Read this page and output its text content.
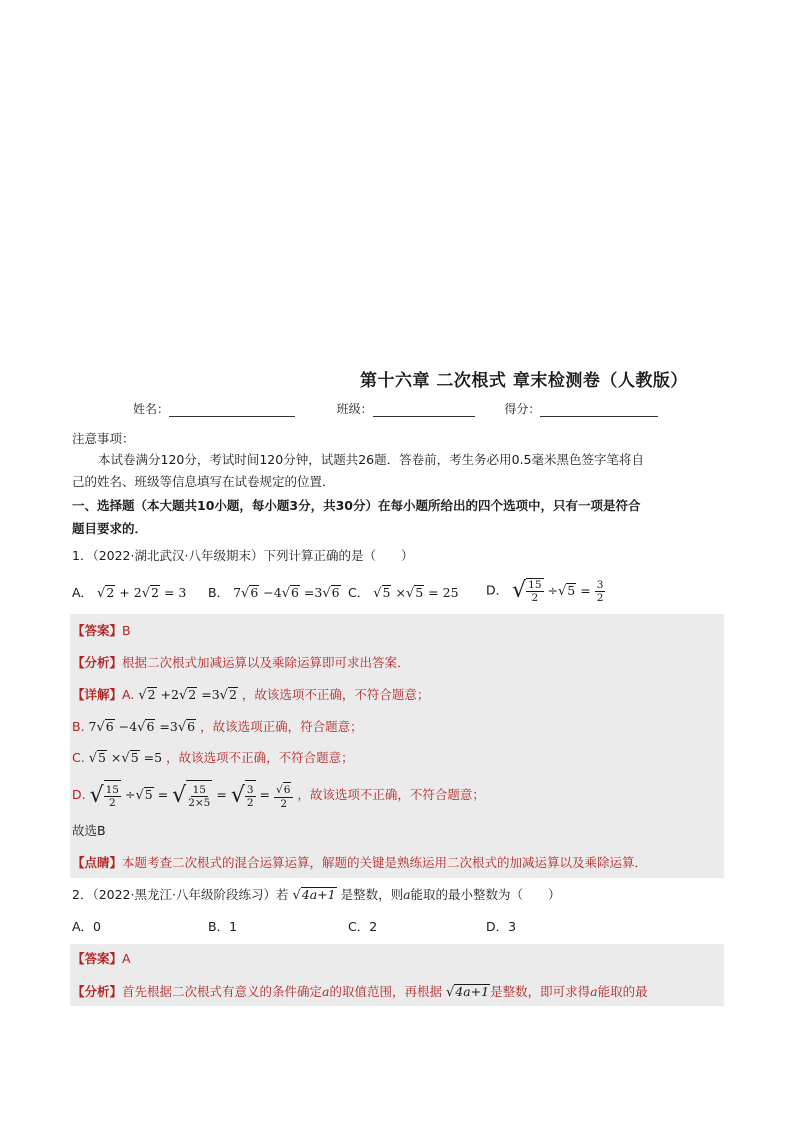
第十六章 二次根式 章末检测卷（人教版）
姓名：	班级：	得分：
注意事项：
本试卷满分120分，考试时间120分钟，试题共26题．答卷前，考生务必用0.5毫米黑色签字笔将自
己的姓名、班级等信息填写在试卷规定的位置．
一、选择题（本大题共10小题，每小题3分，共30分）在每小题所给出的四个选项中，只有一项是符合
题目要求的．
1．（2022·湖北武汉·八年级期末）下列计算正确的是（　　）
A． √2 + 2√2 = 3 B． 7√6 −4√6 =3√6 C． √5 ×√5 = 25 D． √ $\frac{15}{2} \div√5 = \frac{3}{2}$
【答案】B
【分析】根据二次根式加减运算以及乘除运算即可求出答案．
【详解】A. √2 +2√2 =3√2 ，故该选项不正确，不符合题意；
B. 7√6 −4√6 =3√6 ，故该选项正确，符合题意；
C. √5 ×√5 =5 ，故该选项不正确，不符合题意；
D. √ $\frac{15}{2} \div√5$ = √ $\frac{15}{2\times 5}$ = √ $\frac{3}{2} = \frac{√6}{2}$ ，故该选项不正确，不符合题意；
故选B
【点睛】本题考查二次根式的混合运算运算，解题的关键是熟练运用二次根式的加减运算以及乘除运算．
2．（2022·黑龙江·八年级阶段练习）若 √4a+1 是整数，则a能取的最小整数为（　　）
A．0	B．1	C．2	D．3
【答案】A
【分析】首先根据二次根式有意义的条件确定a的取值范围，再根据 √4a+1是整数，即可求得a能取的最
